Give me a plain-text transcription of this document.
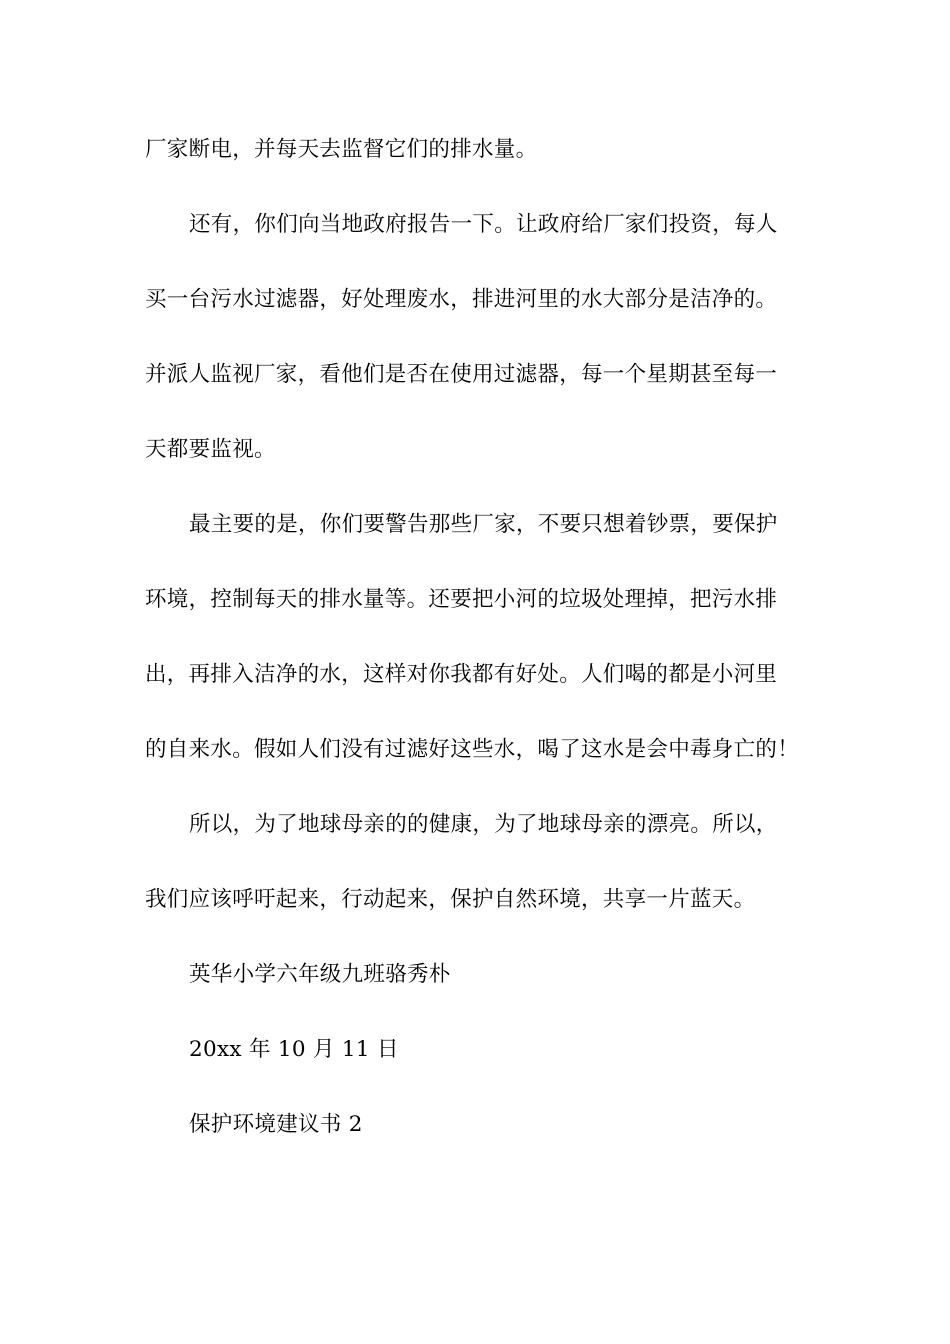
厂家断电，并每天去监督它们的排水量。
还有，你们向当地政府报告一下。让政府给厂家们投资，每人
买一台污水过滤器，好处理废水，排进河里的水大部分是洁净的。
并派人监视厂家，看他们是否在使用过滤器，每一个星期甚至每一
天都要监视。
最主要的是，你们要警告那些厂家，不要只想着钞票，要保护
环境，控制每天的排水量等。还要把小河的垃圾处理掉，把污水排
出，再排入洁净的水，这样对你我都有好处。人们喝的都是小河里
的自来水。假如人们没有过滤好这些水，喝了这水是会中毒身亡的！
所以，为了地球母亲的的健康，为了地球母亲的漂亮。所以，
我们应该呼吁起来，行动起来，保护自然环境，共享一片蓝天。
英华小学六年级九班骆秀朴
20xx 年 10 月 11 日
保护环境建议书 2
